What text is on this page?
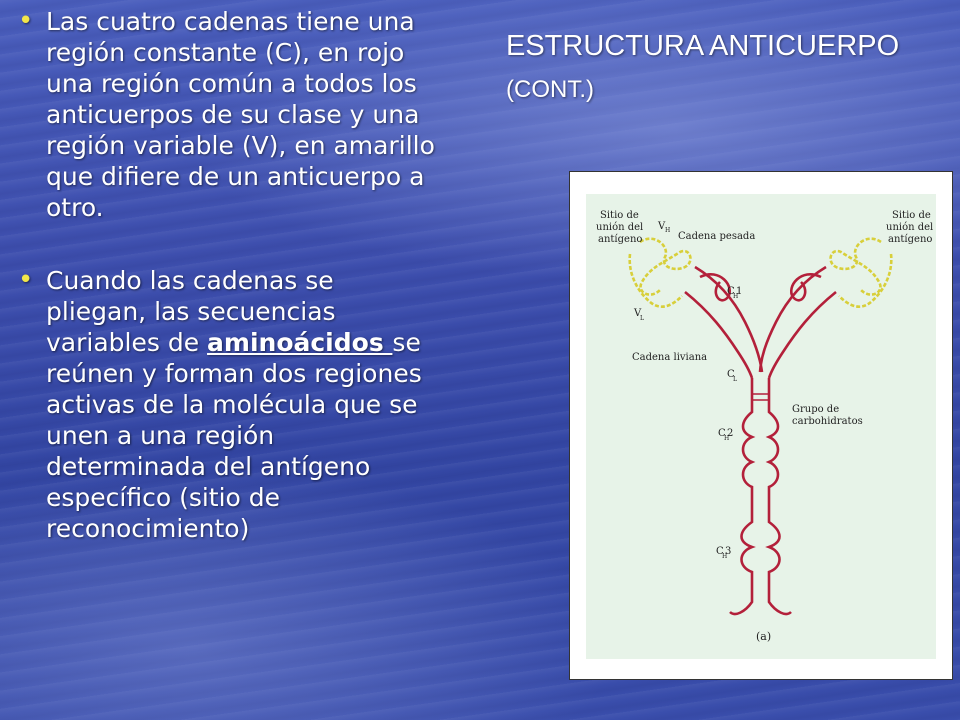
ESTRUCTURA ANTICUERPO
(CONT.)

• Las cuatro cadenas tiene una región constante (C), en rojo una región común a todos los anticuerpos de su clase y una región variable (V), en amarillo que difiere de un anticuerpo a otro.

• Cuando las cadenas se pliegan, las secuencias variables de aminoácidos se reúnen y forman dos regiones activas de la molécula que se unen a una región determinada del antígeno específico (sitio de reconocimiento)

Sitio de
unión del
antígeno
Sitio de
unión del
antígeno
V H
Cadena pesada
C 1
H
V
L
Cadena liviana
C
L
Grupo de
carbohidratos
C 2
H
C 3
H
(a)
